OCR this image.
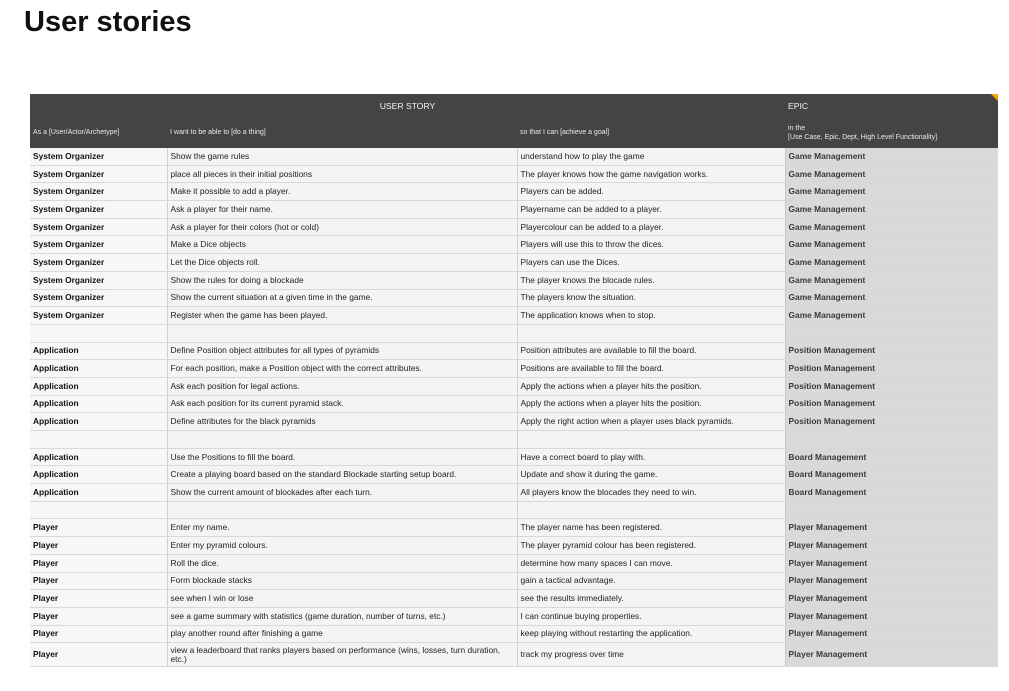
User stories
USER STORY			EPIC

As a [User/Actor/Archetype]	I want to be able to [do a thing]	so that I can [achieve a goal]	in the
[Use Case, Epic, Dept, High Level Functionality]

System Organizer	Show the game rules	understand how to play the game	Game Management
System Organizer	place all pieces in their initial positions	The player knows how the game navigation works.	Game Management
System Organizer	Make it possible to add a player.	Players can be added.	Game Management
System Organizer	Ask a player for their name.	Playername can be added to a player.	Game Management
System Organizer	Ask a player for their colors (hot or cold)	Playercolour can be added to a player.	Game Management
System Organizer	Make a Dice objects	Players will use this to throw the dices.	Game Management
System Organizer	Let the Dice objects roll.	Players can use the Dices.	Game Management
System Organizer	Show the rules for doing a blockade	The player knows the blocade rules.	Game Management
System Organizer	Show the current situation at a given time in the game.	The players know the situation.	Game Management
System Organizer	Register when the game has been played.	The application knows when to stop.	Game Management

Application	Define Position object attributes for all types of pyramids	Position attributes are available to fill the board.	Position Management
Application	For each position, make a Position object with the correct attributes.	Positions are available to fill the board.	Position Management
Application	Ask each position for legal actions.	Apply the actions when a player hits the position.	Position Management
Application	Ask each position for its current pyramid stack.	Apply the actions when a player hits the position.	Position Management
Application	Define attributes for the black pyramids	Apply the right action when a player uses black pyramids.	Position Management

Application	Use the Positions to fill the board.	Have a correct board to play with.	Board Management
Application	Create a playing board based on the standard Blockade starting setup board.	Update and show it during the game.	Board Management
Application	Show the current amount of blockades after each turn.	All players know the blocades they need to win.	Board Management

Player	Enter my name.	The player name has been registered.	Player Management
Player	Enter my pyramid colours.	The player pyramid colour has been registered.	Player Management
Player	Roll the dice.	determine how many spaces I can move.	Player Management
Player	Form blockade stacks	gain a tactical advantage.	Player Management
Player	see when I win or lose	see the results immediately.	Player Management
Player	see a game summary with statistics (game duration, number of turns, etc.)	I can continue buying properties.	Player Management
Player	play another round after finishing a game	keep playing without restarting the application.	Player Management
Player	view a leaderboard that ranks players based on performance (wins, losses, turn duration, etc.)	track my progress over time	Player Management
